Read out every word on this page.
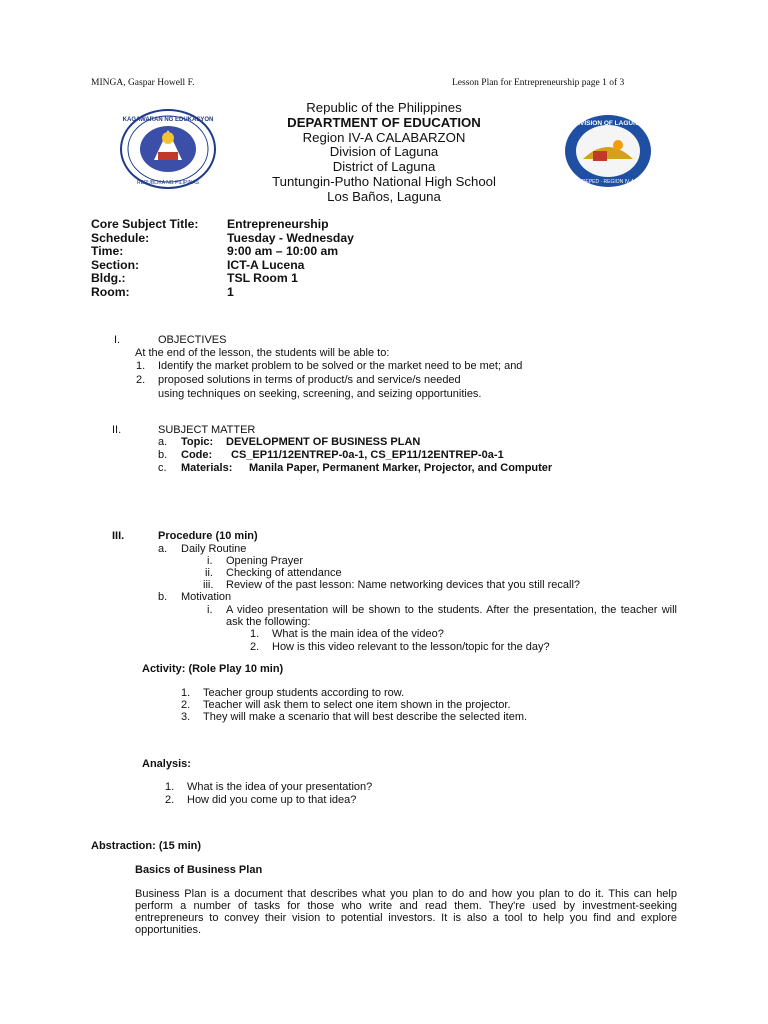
MINGA, Gaspar Howell F.	Lesson Plan for Entrepreneurship page 1 of 3
KAGAWARAN NG EDUKASYON
REPUBLIKA NG PILIPINAS
DIVISION OF LAGUNA
DEPED · REGION IV-A
Republic of the Philippines
DEPARTMENT OF EDUCATION
Region IV-A CALABARZON
Division of Laguna
District of Laguna
Tuntungin-Putho National High School
Los Baños, Laguna
Core Subject Title:	Entrepreneurship
Schedule:	Tuesday - Wednesday
Time:	9:00 am – 10:00 am
Section:	ICT-A Lucena
Bldg.:	TSL Room 1
Room:	1
I.	OBJECTIVES
At the end of the lesson, the students will be able to:
1. Identify the market problem to be solved or the market need to be met; and
2. proposed solutions in terms of product/s and service/s needed
using techniques on seeking, screening, and seizing opportunities.
II.	SUBJECT MATTER
a. Topic: DEVELOPMENT OF BUSINESS PLAN
b. Code: CS_EP11/12ENTREP-0a-1, CS_EP11/12ENTREP-0a-1
c. Materials: Manila Paper, Permanent Marker, Projector, and Computer
III.	Procedure (10 min)
a. Daily Routine
i. Opening Prayer
ii. Checking of attendance
iii. Review of the past lesson: Name networking devices that you still recall?
b. Motivation
i. A video presentation will be shown to the students. After the presentation, the teacher will ask the following:
1. What is the main idea of the video?
2. How is this video relevant to the lesson/topic for the day?
Activity: (Role Play 10 min)
1. Teacher group students according to row.
2. Teacher will ask them to select one item shown in the projector.
3. They will make a scenario that will best describe the selected item.
Analysis:
1. What is the idea of your presentation?
2. How did you come up to that idea?
Abstraction: (15 min)
Basics of Business Plan
Business Plan is a document that describes what you plan to do and how you plan to do it. This can help perform a number of tasks for those who write and read them. They're used by investment-seeking entrepreneurs to convey their vision to potential investors. It is also a tool to help you find and explore opportunities.
